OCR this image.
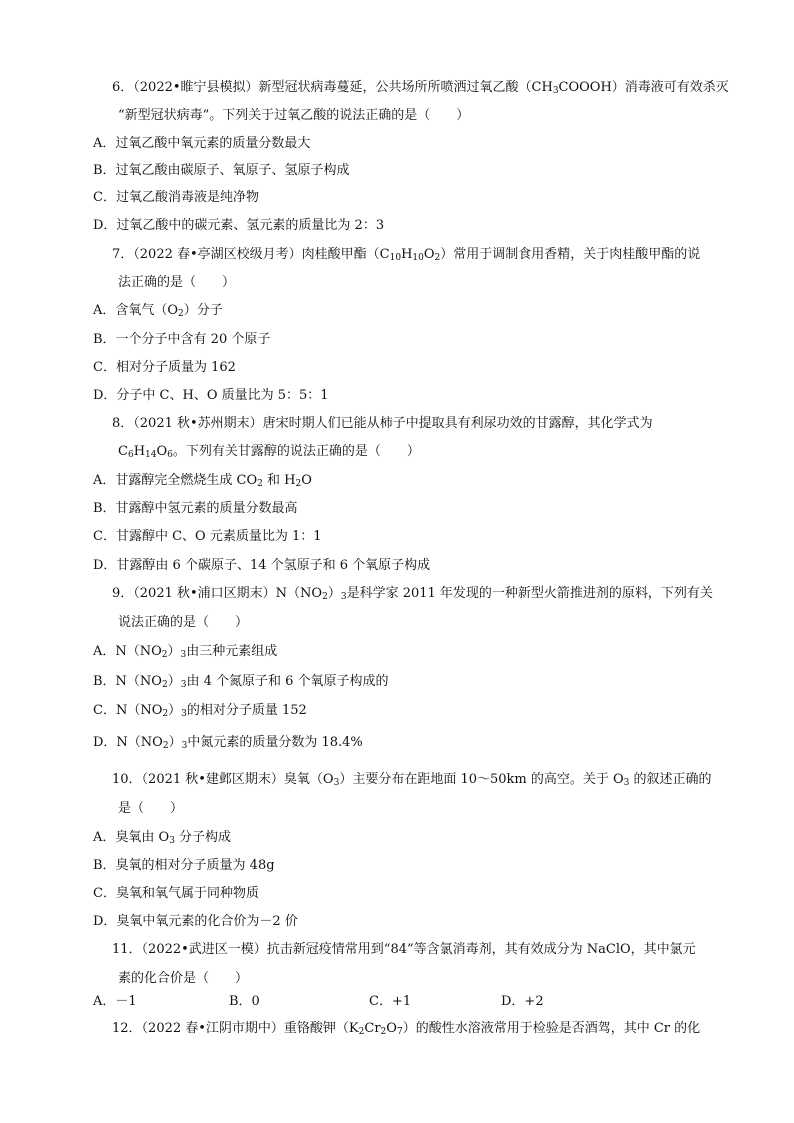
6．（2022•睢宁县模拟）新型冠状病毒蔓延，公共场所所喷洒过氧乙酸$(CH_3COOOH)$消毒液可有效杀灭
“新型冠状病毒”。下列关于过氧乙酸的说法正确的是（　　）
A．过氧乙酸中氧元素的质量分数最大
B．过氧乙酸由碳原子、氧原子、氢原子构成
C．过氧乙酸消毒液是纯净物
D．过氧乙酸中的碳元素、氢元素的质量比为 2：3
7．（2022 春•亭湖区校级月考）肉桂酸甲酯$(C_{10}H_{10}O_2)$常用于调制食用香精，关于肉桂酸甲酯的说
法正确的是（　　）
A．含氧气$(O_2)$分子
B．一个分子中含有 20 个原子
C．相对分子质量为 162
D．分子中 C、H、O 质量比为 5：5：1
8．（2021 秋•苏州期末）唐宋时期人们已能从柿子中提取具有利尿功效的甘露醇，其化学式为
$C_6H_{14}O_6$。下列有关甘露醇的说法正确的是（　　）
A．甘露醇完全燃烧生成 $CO_2$ 和 $H_2O$
B．甘露醇中氢元素的质量分数最高
C．甘露醇中 C、O 元素质量比为 1：1
D．甘露醇由 6 个碳原子、14 个氢原子和 6 个氧原子构成
9．（2021 秋•浦口区期末）$N(NO_2)_3$是科学家 2011 年发现的一种新型火箭推进剂的原料，下列有关
说法正确的是（　　）
A．$N(NO_2)_3$由三种元素组成
B．$N(NO_2)_3$由 4 个氮原子和 6 个氧原子构成的
C．$N(NO_2)_3$的相对分子质量 152
D．$N(NO_2)_3$中氮元素的质量分数为 18.4%
10．（2021 秋•建邺区期末）臭氧$(O_3)$主要分布在距地面 10～50km 的高空。关于 $O_3$ 的叙述正确的
是（　　）
A．臭氧由 $O_3$ 分子构成
B．臭氧的相对分子质量为 48g
C．臭氧和氧气属于同种物质
D．臭氧中氧元素的化合价为－2 价
11．（2022•武进区一模）抗击新冠疫情常用到“84”等含氯消毒剂，其有效成分为 NaClO，其中氯元
素的化合价是（　　）
A．－1	B．0	C．+1	D．+2
12．（2022 春•江阴市期中）重铬酸钾$(K_2Cr_2O_7)$的酸性水溶液常用于检验是否酒驾，其中 Cr 的化
